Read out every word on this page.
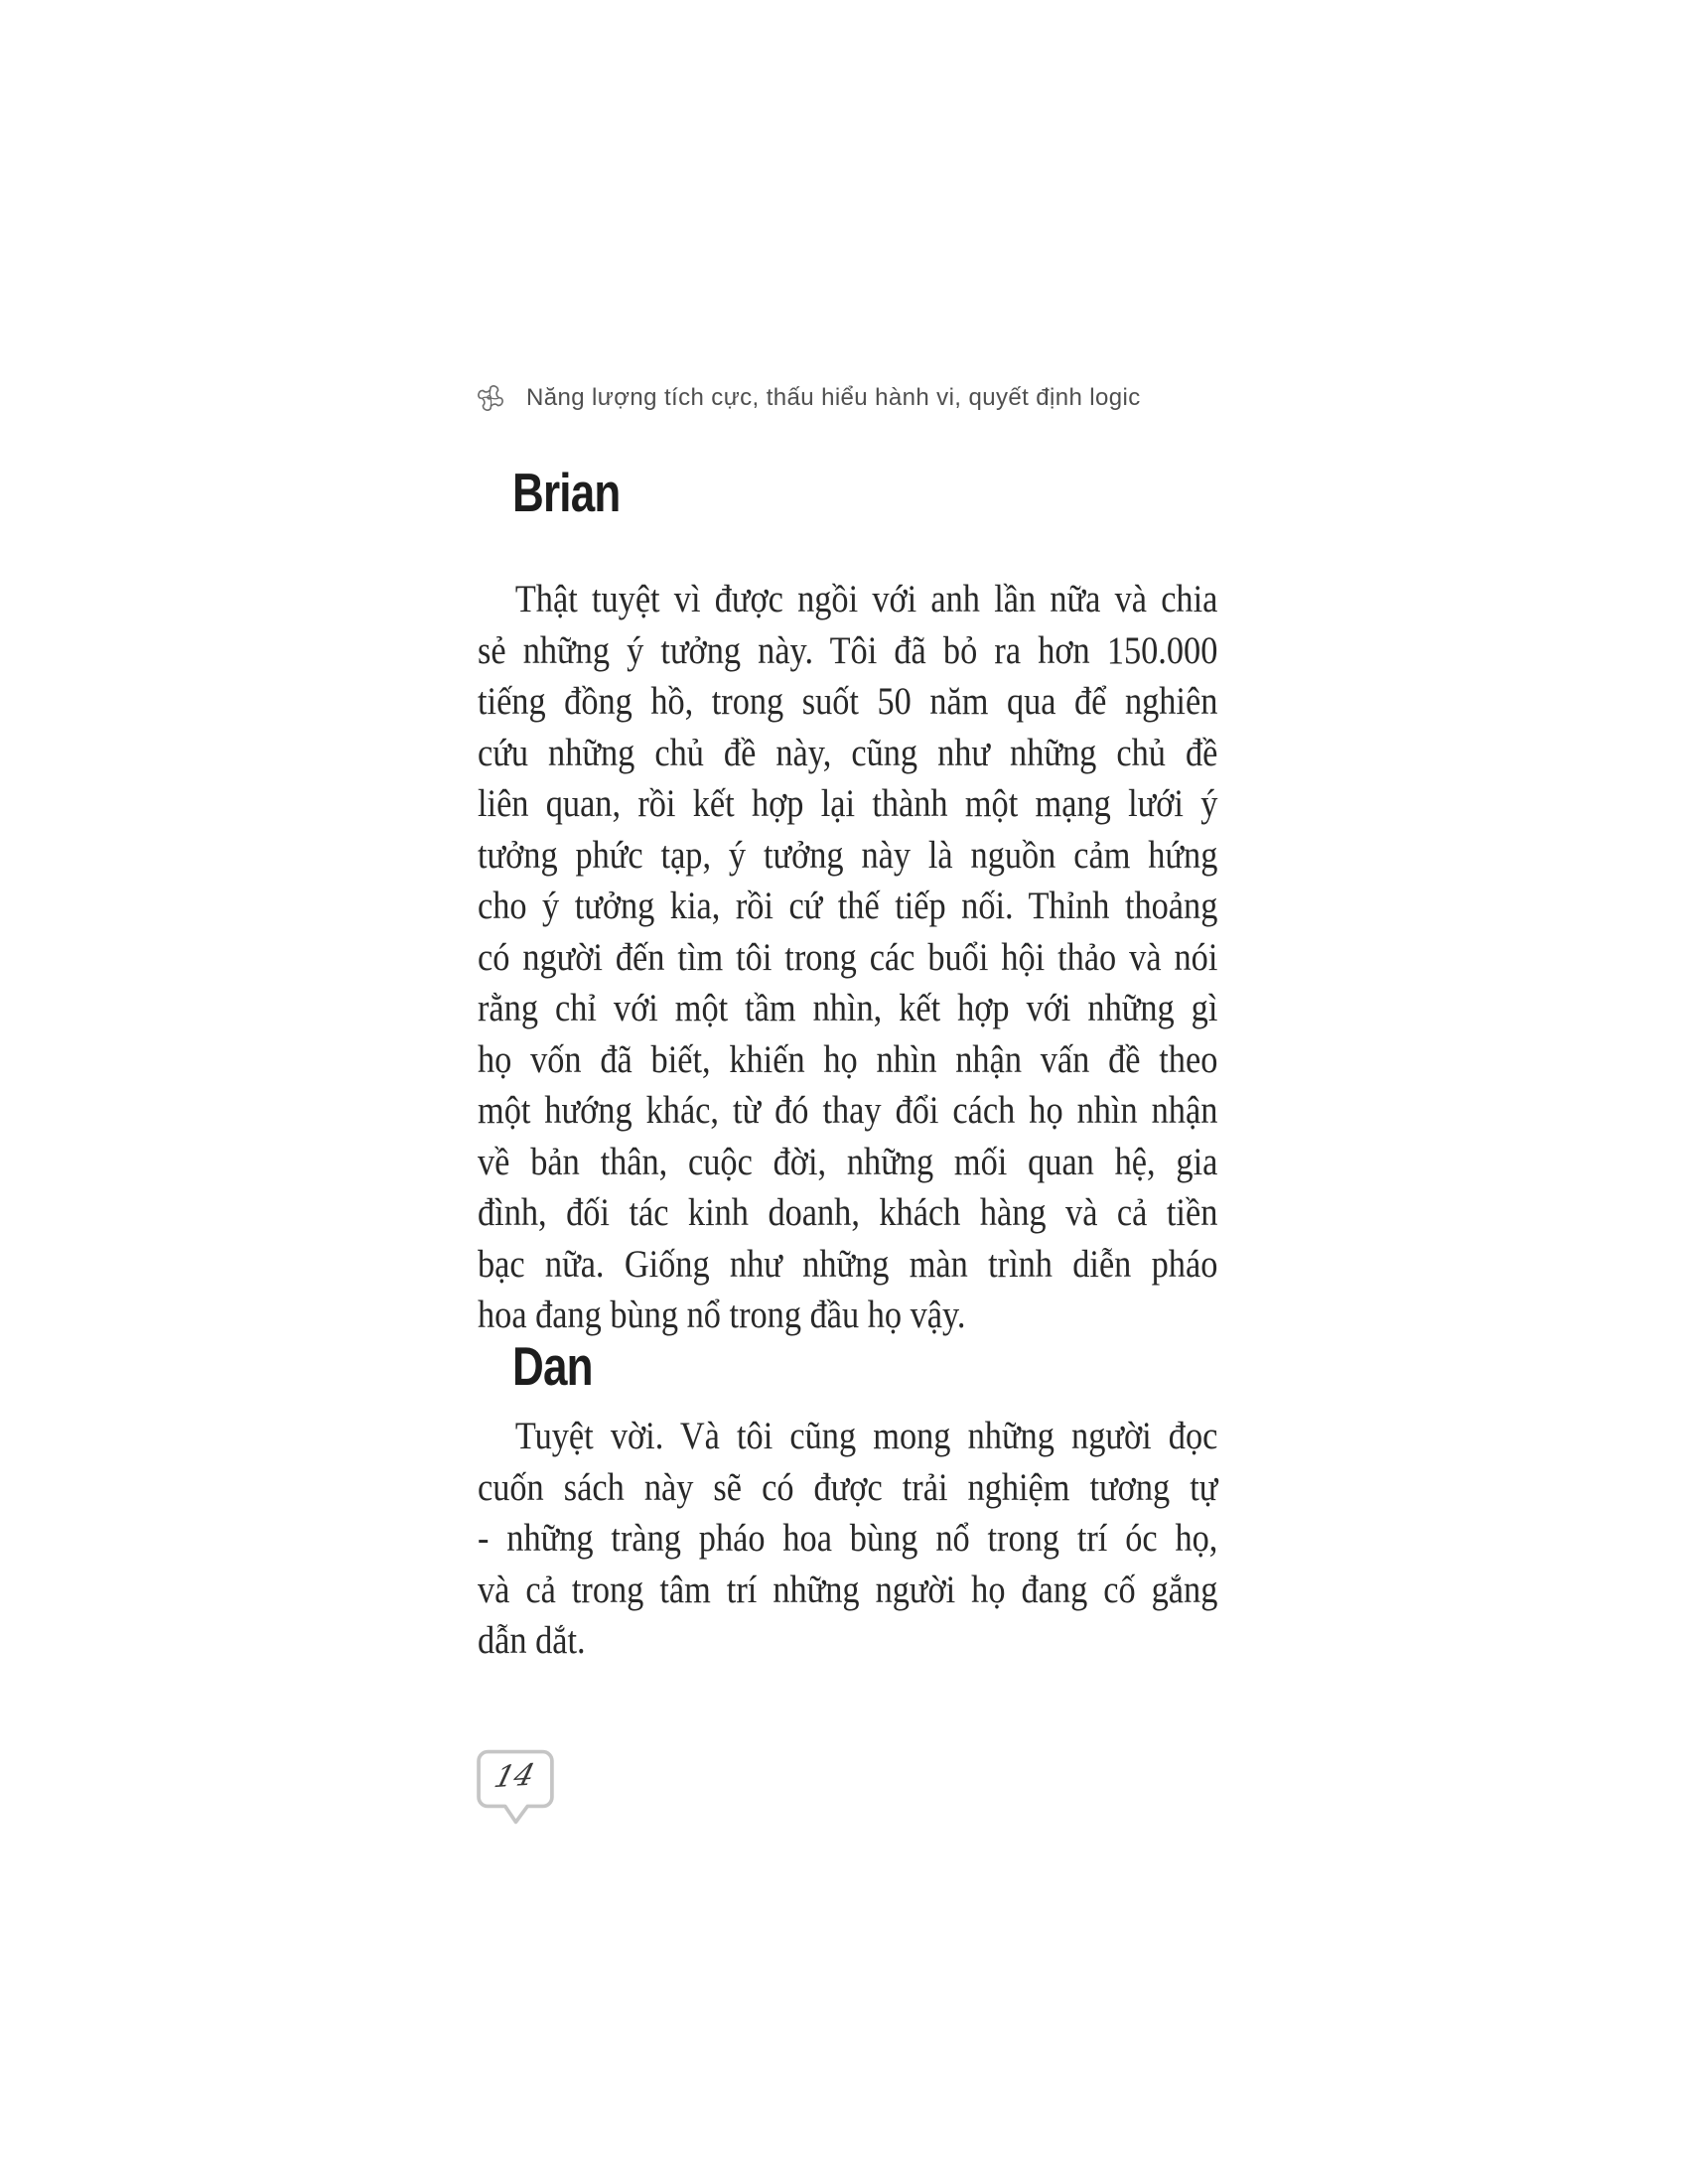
Năng lượng tích cực, thấu hiểu hành vi, quyết định logic
Brian
Thật tuyệt vì được ngồi với anh lần nữa và chia
sẻ những ý tưởng này. Tôi đã bỏ ra hơn 150.000
tiếng đồng hồ, trong suốt 50 năm qua để nghiên
cứu những chủ đề này, cũng như những chủ đề
liên quan, rồi kết hợp lại thành một mạng lưới ý
tưởng phức tạp, ý tưởng này là nguồn cảm hứng
cho ý tưởng kia, rồi cứ thế tiếp nối. Thỉnh thoảng
có người đến tìm tôi trong các buổi hội thảo và nói
rằng chỉ với một tầm nhìn, kết hợp với những gì
họ vốn đã biết, khiến họ nhìn nhận vấn đề theo
một hướng khác, từ đó thay đổi cách họ nhìn nhận
về bản thân, cuộc đời, những mối quan hệ, gia
đình, đối tác kinh doanh, khách hàng và cả tiền
bạc nữa. Giống như những màn trình diễn pháo
hoa đang bùng nổ trong đầu họ vậy.
Dan
Tuyệt vời. Và tôi cũng mong những người đọc
cuốn sách này sẽ có được trải nghiệm tương tự
- những tràng pháo hoa bùng nổ trong trí óc họ,
và cả trong tâm trí những người họ đang cố gắng
dẫn dắt.
14
